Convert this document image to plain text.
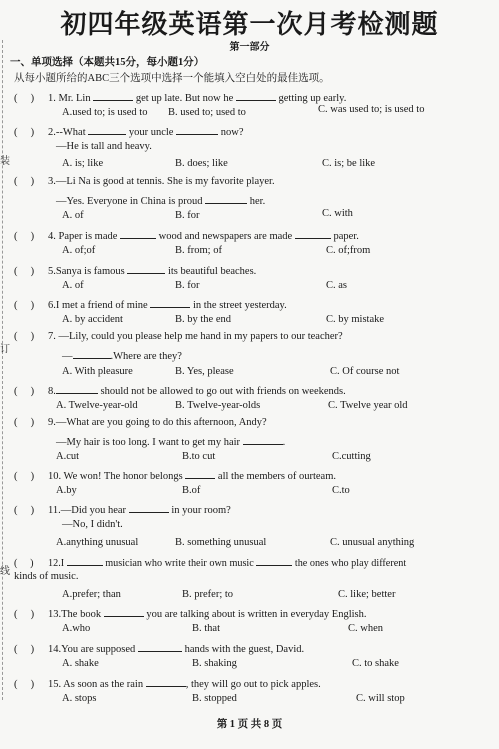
装
订
线
初四年级英语第一次月考检测题
第一部分
一、单项选择（本题共15分，每小题1分）
从每小题所给的ABC三个选项中选择一个能填入空白处的最佳选项。
(     ) 1. Mr. Lin	get up late. But now he	getting up early.
A.used to; is used to B. used to; used to	C. was used to; is used to
(     ) 2.--What	your uncle	now?
—He is tall and heavy.
A. is; like	B. does; like	C. is; be like
(     ) 3.—Li Na is good at tennis. She is my favorite player.
—Yes. Everyone in China is proud	her.
A. of	B. for	C. with
(     ) 4. Paper is made	wood and newspapers are made	paper.
A. of;of	B. from; of	C. of;from
(     ) 5.Sanya is famous	its beautiful beaches.
A. of	B. for	C. as
(     ) 6.I met a friend of mine	in the street yesterday.
A. by accident	B. by the end	C. by mistake
(     ) 7. —Lily, could you please help me hand in my papers to our teacher?
—	.Where are they?
A. With pleasure	B. Yes, please	C. Of course not
(     ) 8.	should not be allowed to go out with friends on weekends.
A. Twelve-year-old	B. Twelve-year-olds	C. Twelve year old
(     ) 9.—What are you going to do this afternoon, Andy?
—My hair is too long. I want to get my hair	.
A.cut	B.to cut	C.cutting
(     ) 10. We won! The honor belongs	all the members of ourteam.
A.by	B.of	C.to
(     ) 11.—Did you hear	in your room?
—No, I didn't.
A.anything unusual	B. something unusual	C. unusual anything
(     ) 12.I	musician who write their own music	the ones who play different
kinds of music.
A.prefer; than	B. prefer; to	C. like; better
(     ) 13.The book	you are talking about is written in everyday English.
A.who	B. that	C. when
(     ) 14.You are supposed	hands with the guest, David.
A. shake	B. shaking	C. to shake
(     ) 15. As soon as the rain	, they will go out to pick apples.
A. stops	B. stopped	C. will stop
第 1 页 共 8 页
